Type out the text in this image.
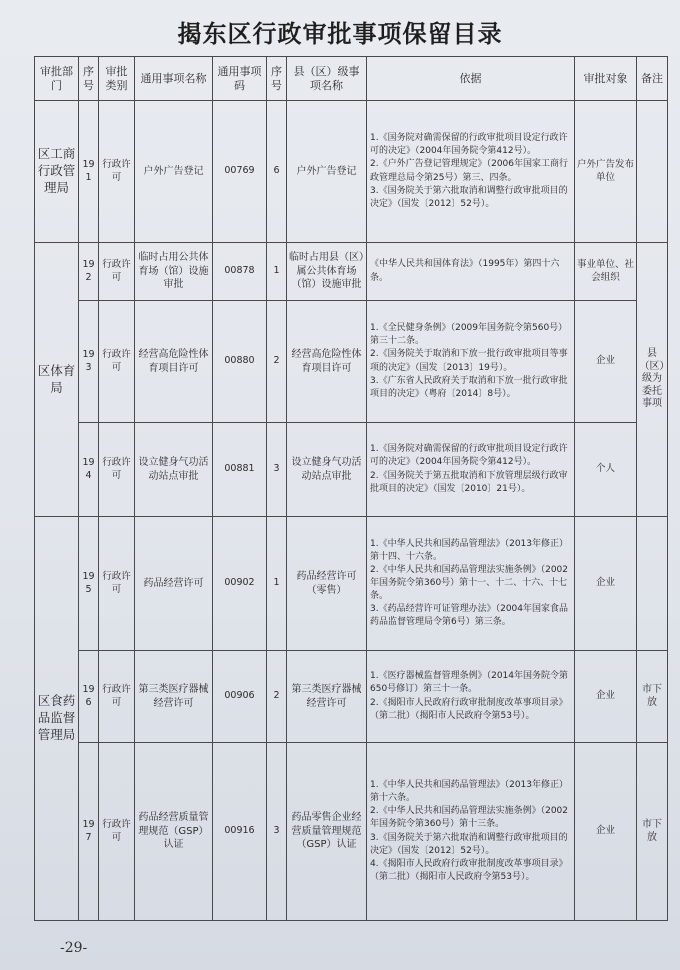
揭东区行政审批事项保留目录
审批部门	序号	审批类别	通用事项名称	通用事项码	序号	县（区）级事项名称	依据	审批对象	备注
区工商行政管理局	191	行政许可	户外广告登记	00769	6	户外广告登记	1.《国务院对确需保留的行政审批项目设定行政许可的决定》（2004年国务院令第412号）。
2.《户外广告登记管理规定》（2006年国家工商行政管理总局令第25号）第三、四条。
3.《国务院关于第六批取消和调整行政审批项目的决定》（国发〔2012〕52号）。	户外广告发布单位	
区体育局	192	行政许可	临时占用公共体育场（馆）设施审批	00878	1	临时占用县（区）属公共体育场（馆）设施审批	《中华人民共和国体育法》（1995年）第四十六条。	事业单位、社会组织	县（区）级为委托事项
	193	行政许可	经营高危险性体育项目许可	00880	2	经营高危险性体育项目许可	1.《全民健身条例》（2009年国务院令第560号）第三十二条。
2.《国务院关于取消和下放一批行政审批项目等事项的决定》（国发〔2013〕19号）。
3.《广东省人民政府关于取消和下放一批行政审批项目的决定》（粤府〔2014〕8号）。	企业	
	194	行政许可	设立健身气功活动站点审批	00881	3	设立健身气功活动站点审批	1.《国务院对确需保留的行政审批项目设定行政许可的决定》（2004年国务院令第412号）。
2.《国务院关于第五批取消和下放管理层级行政审批项目的决定》（国发〔2010〕21号）。	个人	
区食药品监督管理局	195	行政许可	药品经营许可	00902	1	药品经营许可（零售）	1.《中华人民共和国药品管理法》（2013年修正）第十四、十六条。
2.《中华人民共和国药品管理法实施条例》（2002年国务院令第360号）第十一、十二、十六、十七条。
3.《药品经营许可证管理办法》（2004年国家食品药品监督管理局令第6号）第三条。	企业	
	196	行政许可	第三类医疗器械经营许可	00906	2	第三类医疗器械经营许可	1.《医疗器械监督管理条例》（2014年国务院令第650号修订）第三十一条。
2.《揭阳市人民政府行政审批制度改革事项目录》（第二批）（揭阳市人民政府令第53号）。	企业	市下放
	197	行政许可	药品经营质量管理规范（GSP）认证	00916	3	药品零售企业经营质量管理规范（GSP）认证	1.《中华人民共和国药品管理法》（2013年修正）第十六条。
2.《中华人民共和国药品管理法实施条例》（2002年国务院令第360号）第十三条。
3.《国务院关于第六批取消和调整行政审批项目的决定》（国发〔2012〕52号）。
4.《揭阳市人民政府行政审批制度改革事项目录》（第二批）（揭阳市人民政府令第53号）。	企业	市下放
-29-
